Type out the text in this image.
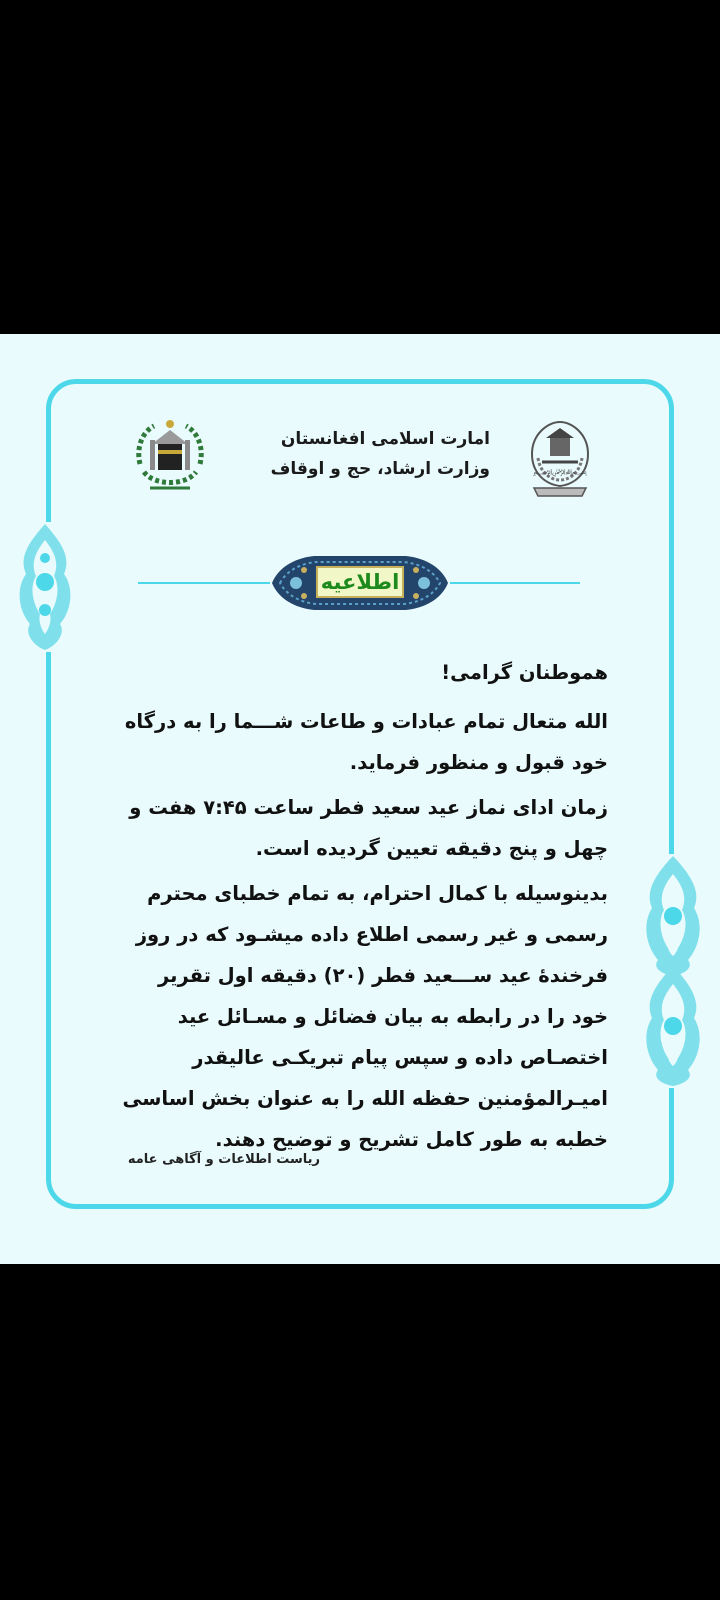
﷽
امارت اسلامی افغانستان
وزارت ارشاد، حج و اوقاف
اطلاعیه

هموطنان گرامی!

الله متعال تمام عبادات و طاعات شـــما را به درگاه خود قبول و منظور فرماید.

زمان ادای نماز عید سعید فطر ساعت ۷:۴۵ هفت و چهل و پنج دقیقه تعیین گردیده است.

بدینوسیله با کمال احترام، به تمام خطبای محترم رسمی و غیر رسمی اطلاع داده میشـود که در روز فرخندهٔ عید ســـعید فطر (۲۰) دقیقه اول تقریر خود را در رابطه به بیان فضائل و مسـائل عید اختصـاص داده و سپس پیام تبریکـی عالیقدر امیـرالمؤمنین حفظه الله را به عنوان بخش اساسی خطبه به طور کامل تشریح و توضیح دهند.

ریاست اطلاعات و آگاهی عامه
